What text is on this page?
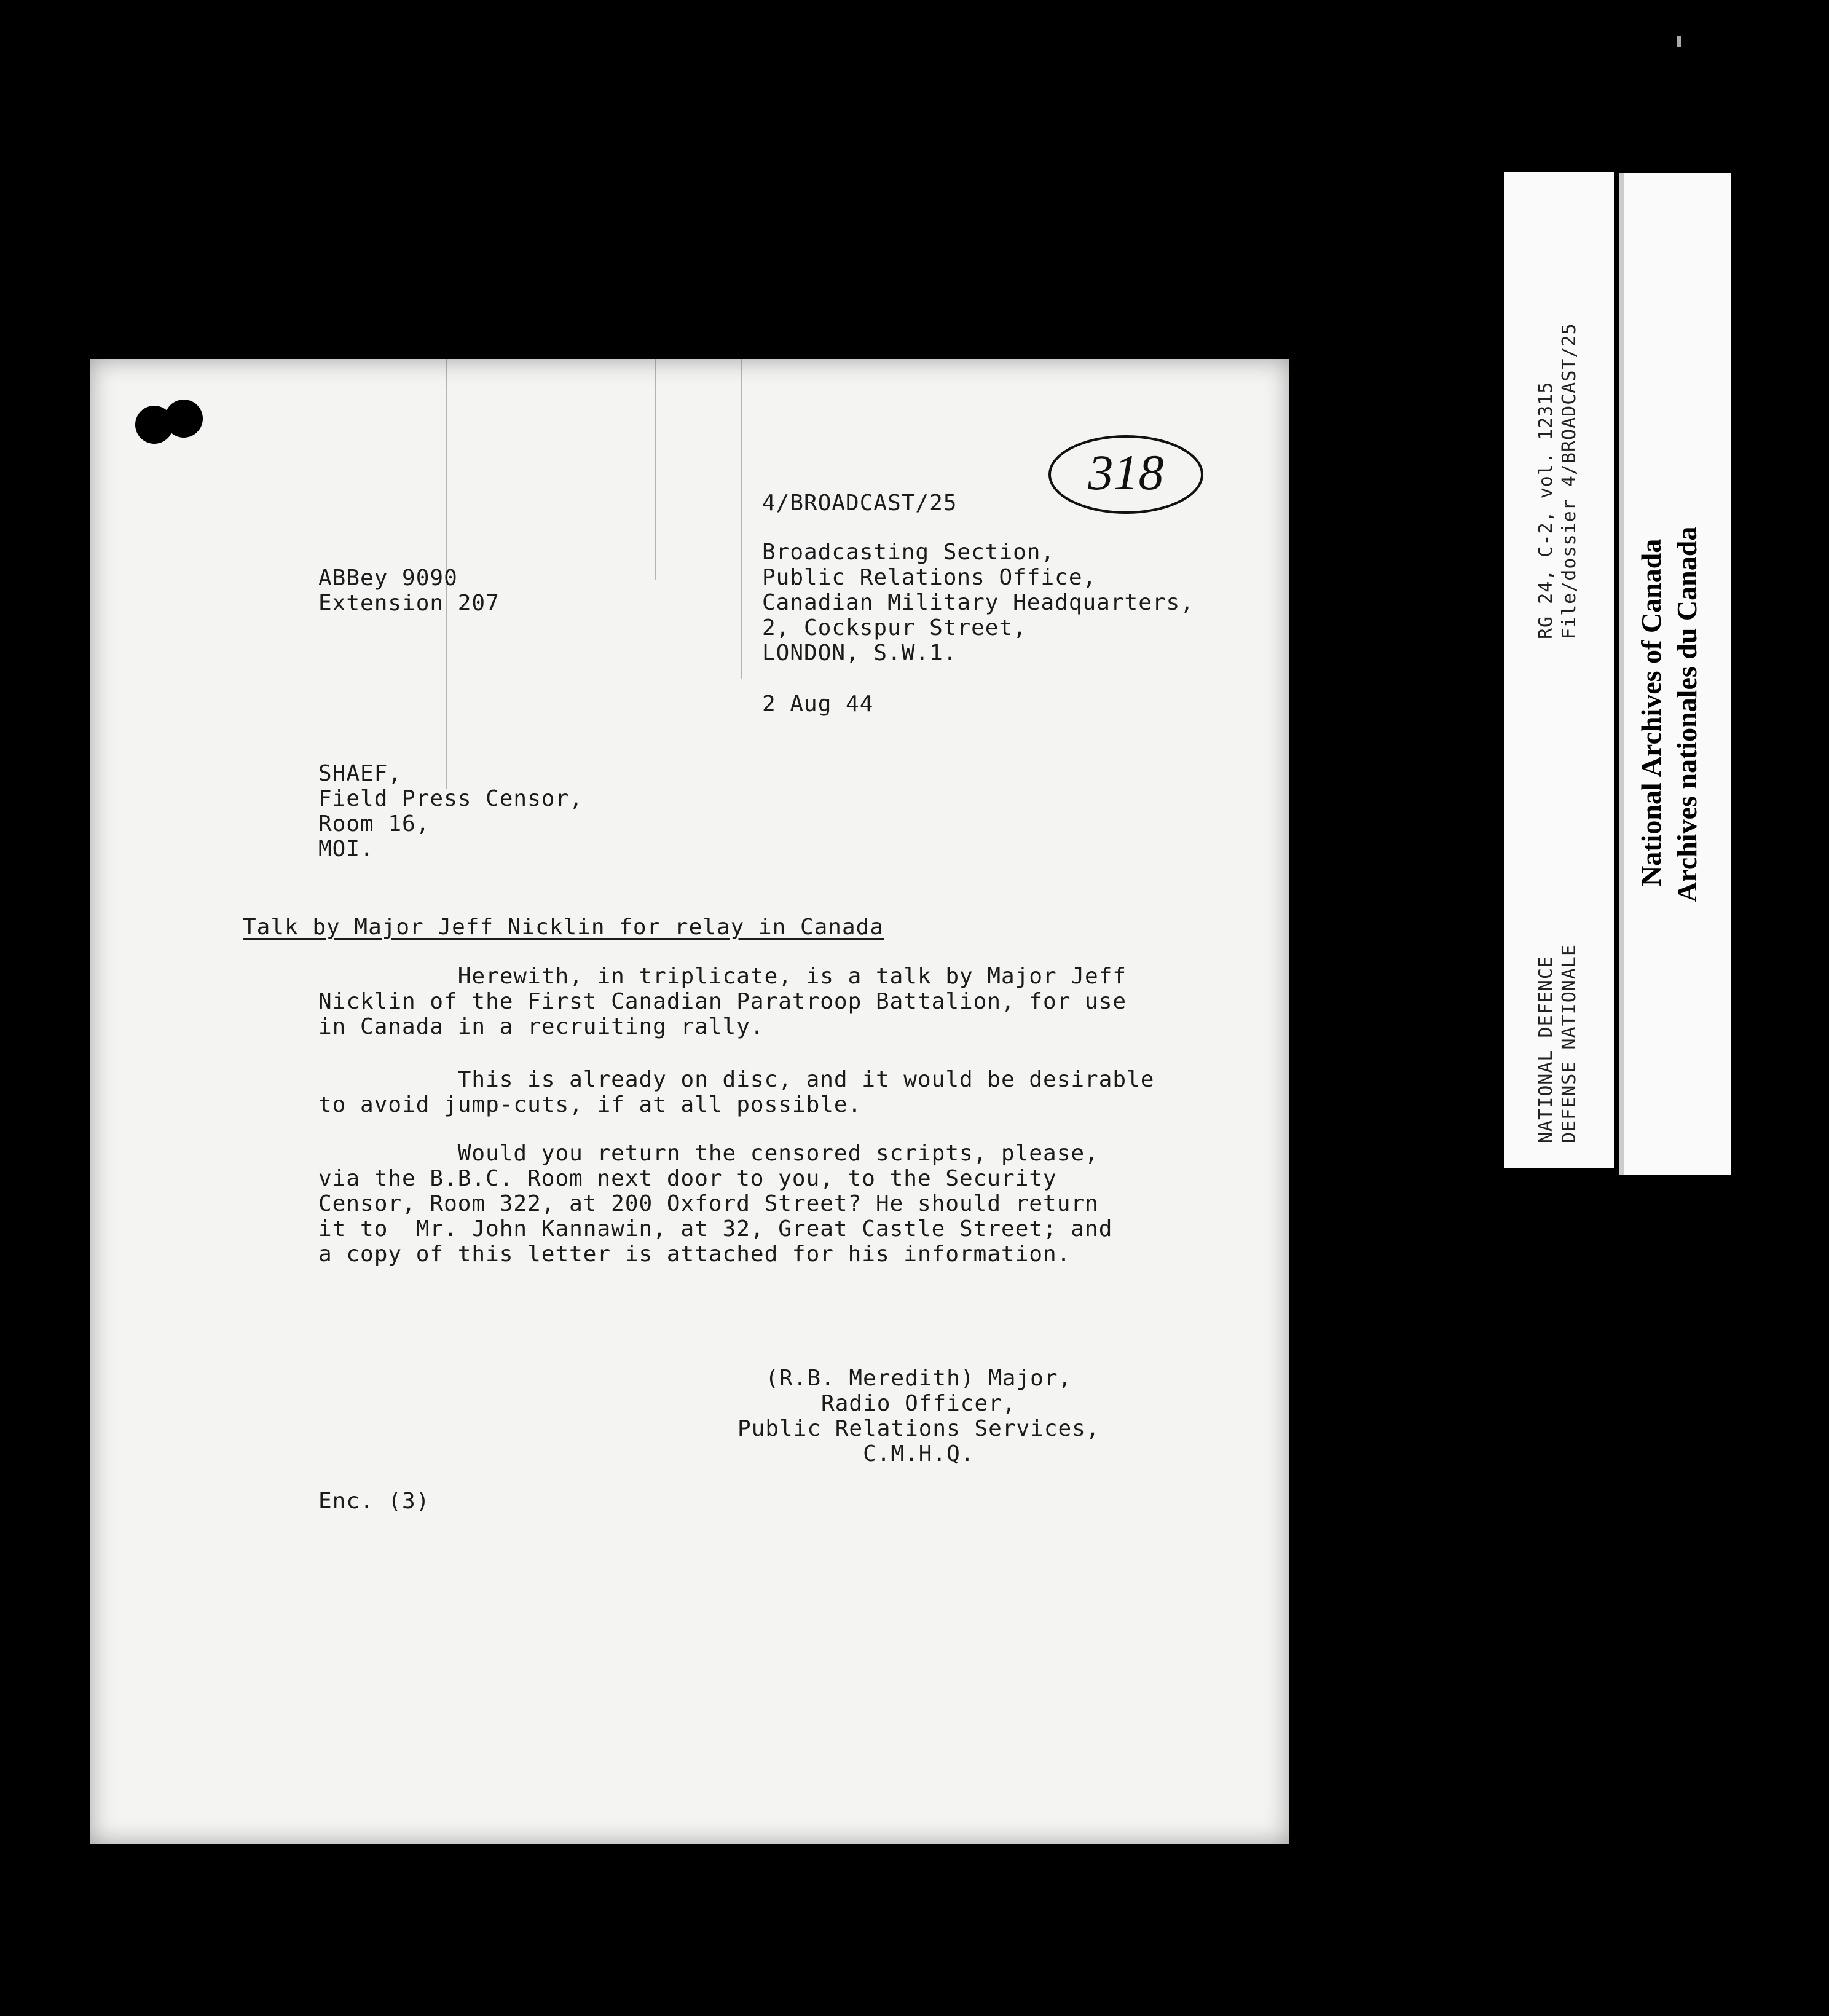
318
4/BROADCAST/25
ABBey 9090
Extension 207
Broadcasting Section,
Public Relations Office,
Canadian Military Headquarters,
2, Cockspur Street,
LONDON, S.W.1.
2 Aug 44
SHAEF,
Field Press Censor,
Room 16,
MOI.
Talk by Major Jeff Nicklin for relay in Canada
Herewith, in triplicate, is a talk by Major Jeff
Nicklin of the First Canadian Paratroop Battalion, for use
in Canada in a recruiting rally.
This is already on disc, and it would be desirable
to avoid jump-cuts, if at all possible.
Would you return the censored scripts, please,
via the B.B.C. Room next door to you, to the Security
Censor, Room 322, at 200 Oxford Street? He should return
it to  Mr. John Kannawin, at 32, Great Castle Street; and
a copy of this letter is attached for his information.
(R.B. Meredith) Major,
Radio Officer,
Public Relations Services,
C.M.H.Q.
Enc. (3)
RG 24, C-2, vol. 12315 File/dossier 4/BROADCAST/25
NATIONAL DEFENCE DEFENSE NATIONALE
National Archives of Canada Archives nationales du Canada
